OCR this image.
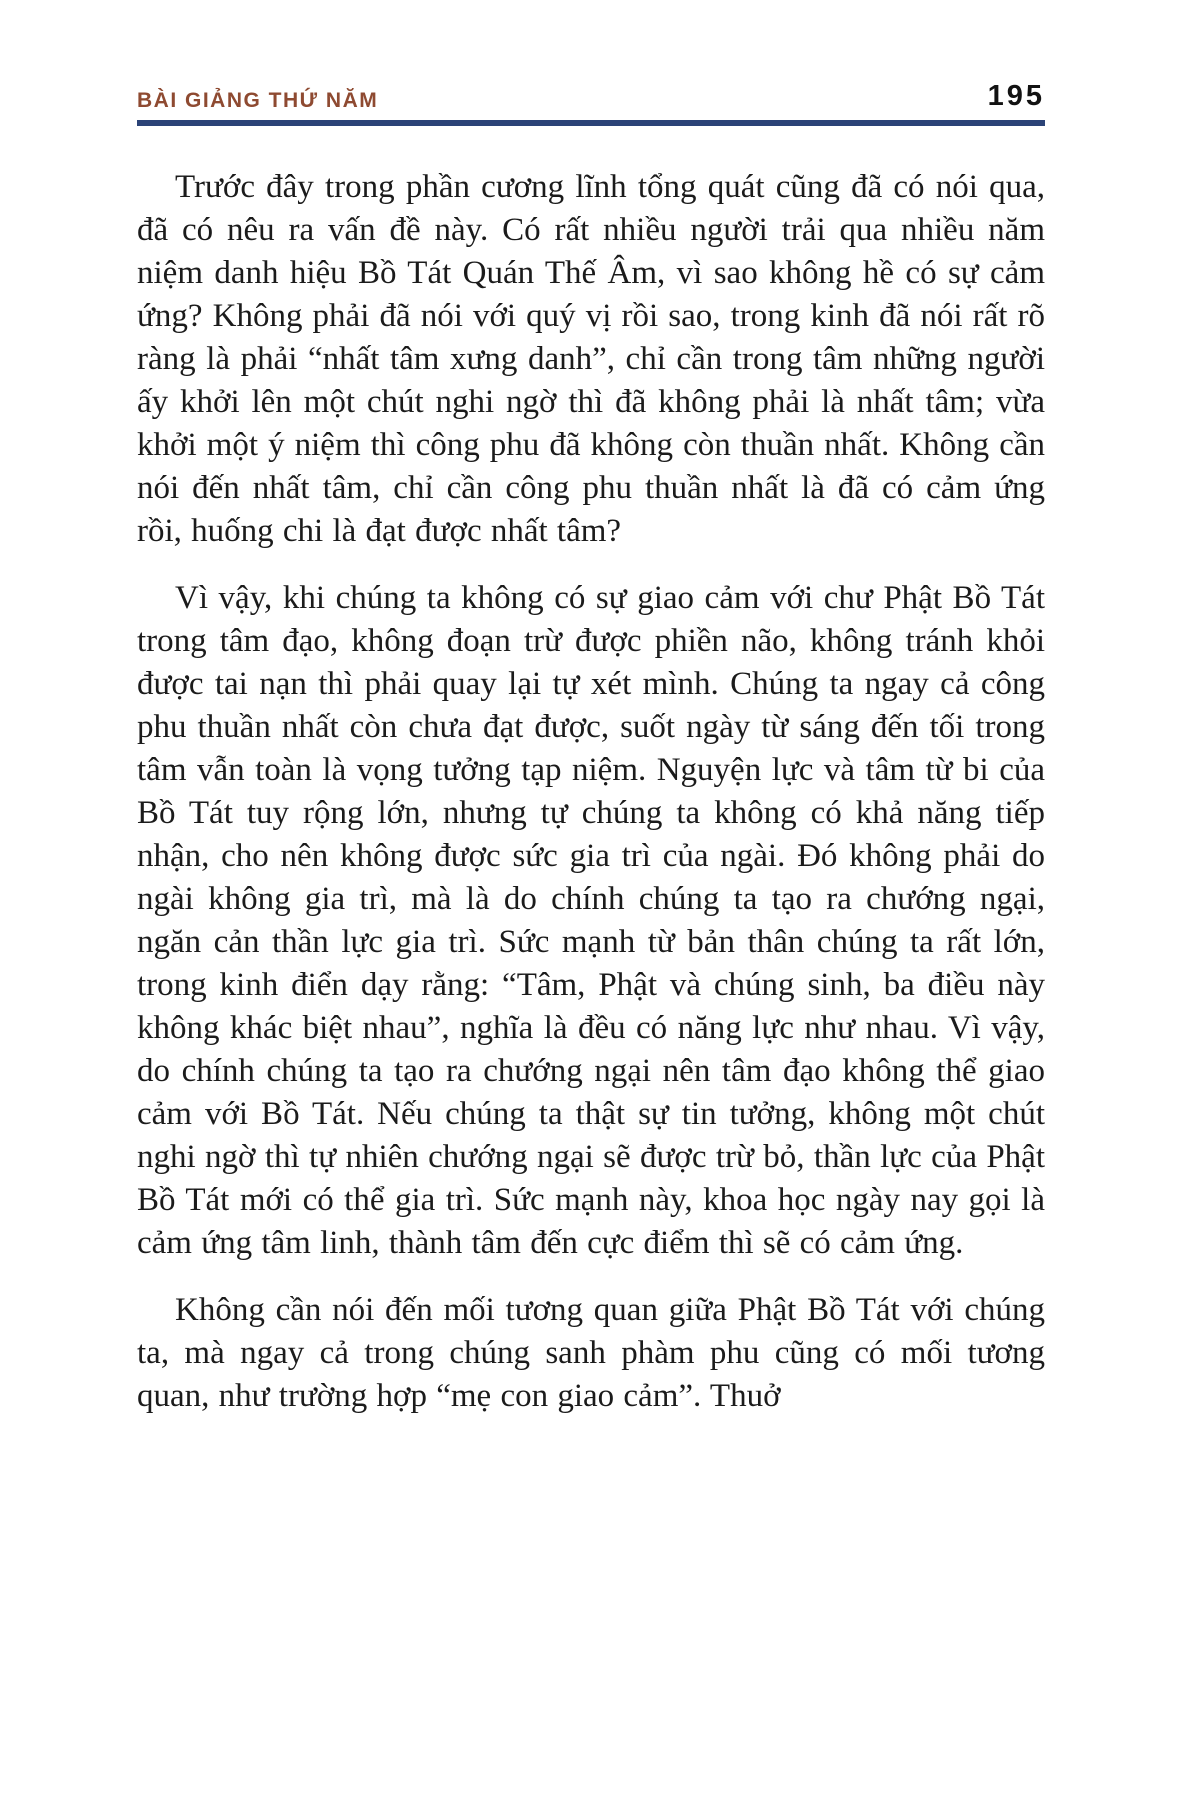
BÀI GIẢNG THỨ NĂM	195

Trước đây trong phần cương lĩnh tổng quát cũng đã có nói qua, đã có nêu ra vấn đề này. Có rất nhiều người trải qua nhiều năm niệm danh hiệu Bồ Tát Quán Thế Âm, vì sao không hề có sự cảm ứng? Không phải đã nói với quý vị rồi sao, trong kinh đã nói rất rõ ràng là phải “nhất tâm xưng danh”, chỉ cần trong tâm những người ấy khởi lên một chút nghi ngờ thì đã không phải là nhất tâm; vừa khởi một ý niệm thì công phu đã không còn thuần nhất. Không cần nói đến nhất tâm, chỉ cần công phu thuần nhất là đã có cảm ứng rồi, huống chi là đạt được nhất tâm?

Vì vậy, khi chúng ta không có sự giao cảm với chư Phật Bồ Tát trong tâm đạo, không đoạn trừ được phiền não, không tránh khỏi được tai nạn thì phải quay lại tự xét mình. Chúng ta ngay cả công phu thuần nhất còn chưa đạt được, suốt ngày từ sáng đến tối trong tâm vẫn toàn là vọng tưởng tạp niệm. Nguyện lực và tâm từ bi của Bồ Tát tuy rộng lớn, nhưng tự chúng ta không có khả năng tiếp nhận, cho nên không được sức gia trì của ngài. Đó không phải do ngài không gia trì, mà là do chính chúng ta tạo ra chướng ngại, ngăn cản thần lực gia trì. Sức mạnh từ bản thân chúng ta rất lớn, trong kinh điển dạy rằng: “Tâm, Phật và chúng sinh, ba điều này không khác biệt nhau”, nghĩa là đều có năng lực như nhau. Vì vậy, do chính chúng ta tạo ra chướng ngại nên tâm đạo không thể giao cảm với Bồ Tát. Nếu chúng ta thật sự tin tưởng, không một chút nghi ngờ thì tự nhiên chướng ngại sẽ được trừ bỏ, thần lực của Phật Bồ Tát mới có thể gia trì. Sức mạnh này, khoa học ngày nay gọi là cảm ứng tâm linh, thành tâm đến cực điểm thì sẽ có cảm ứng.

Không cần nói đến mối tương quan giữa Phật Bồ Tát với chúng ta, mà ngay cả trong chúng sanh phàm phu cũng có mối tương quan, như trường hợp “mẹ con giao cảm”. Thuở
